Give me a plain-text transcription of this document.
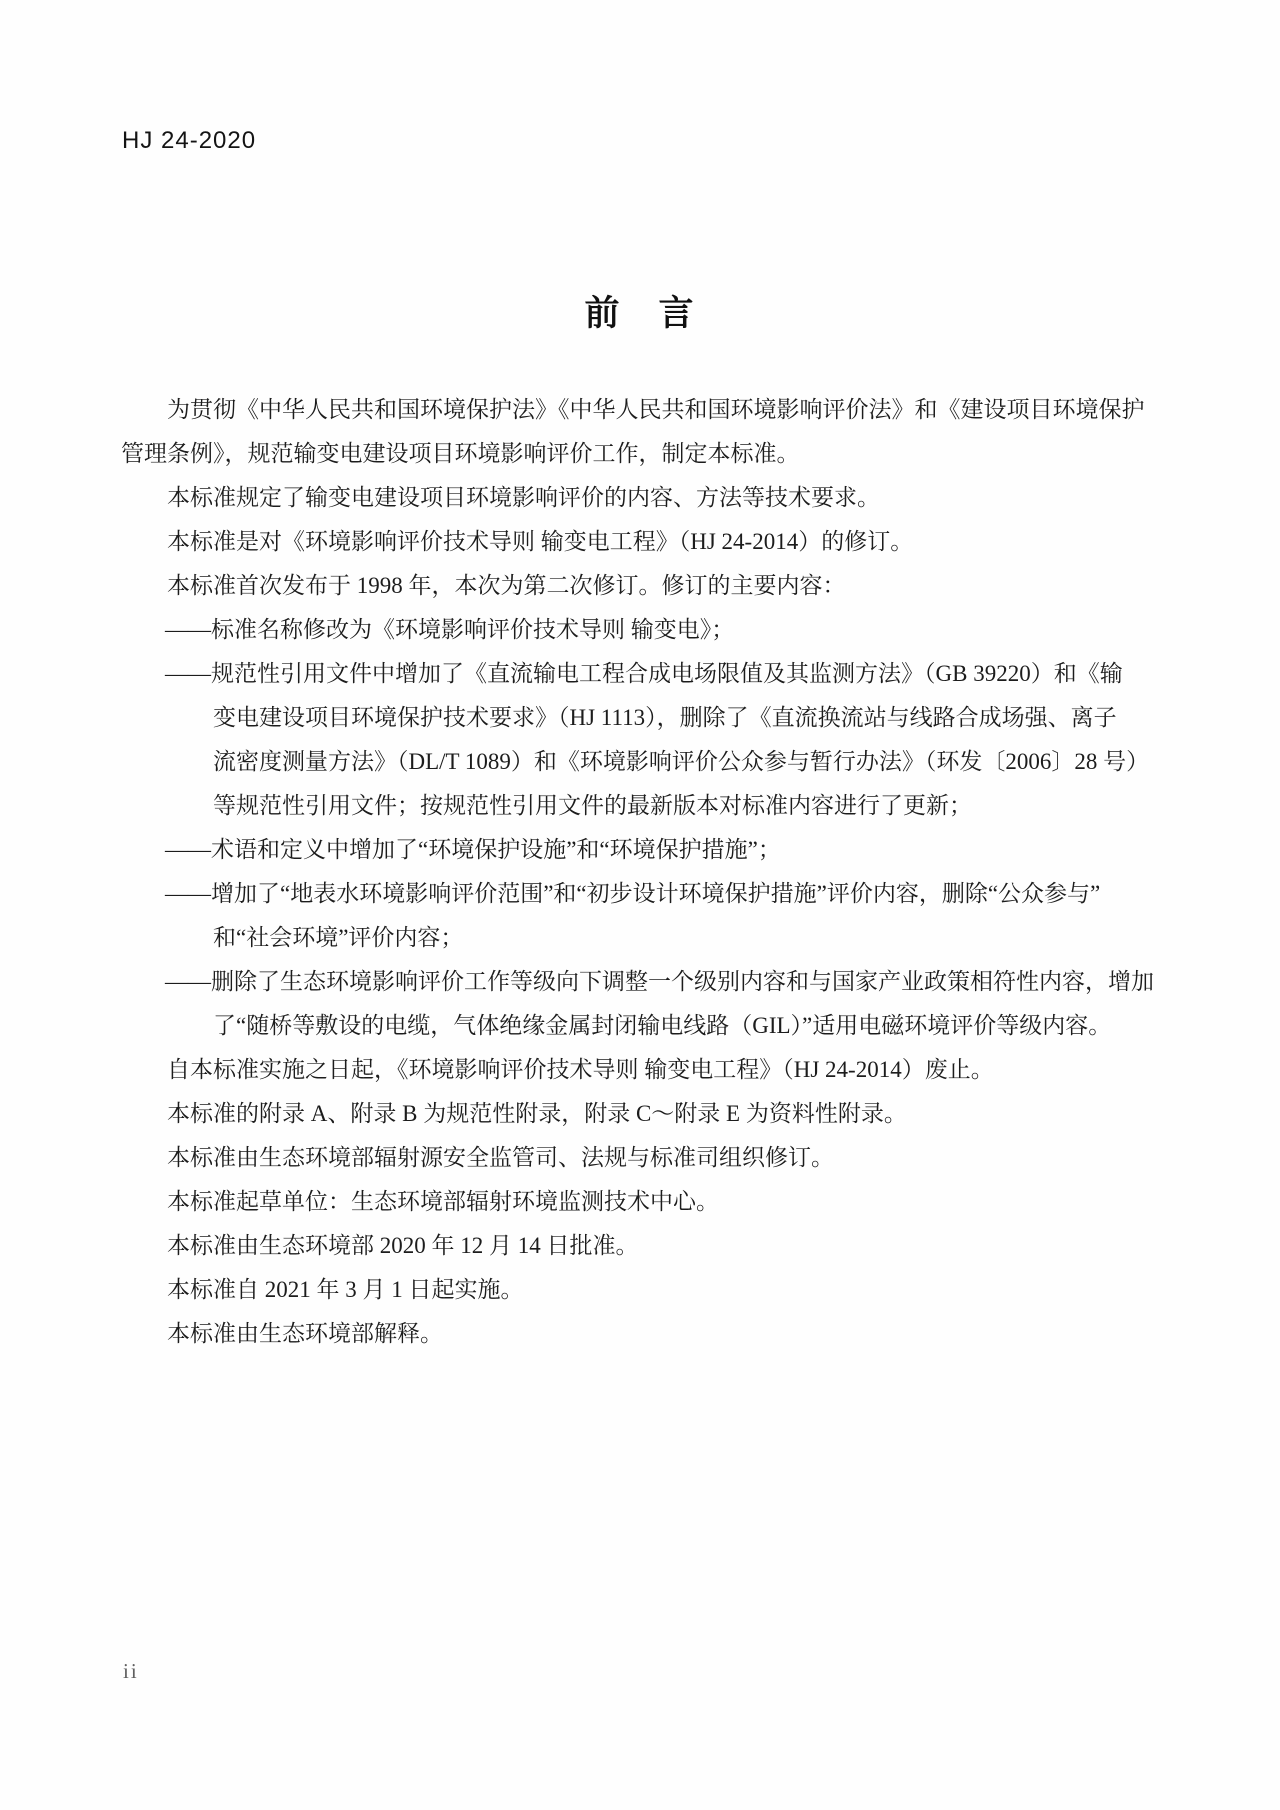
HJ 24-2020
前　言
为贯彻《中华人民共和国环境保护法》《中华人民共和国环境影响评价法》和《建设项目环境保护
管理条例》，规范输变电建设项目环境影响评价工作，制定本标准。
本标准规定了输变电建设项目环境影响评价的内容、方法等技术要求。
本标准是对《环境影响评价技术导则 输变电工程》（HJ 24-2014）的修订。
本标准首次发布于 1998 年，本次为第二次修订。修订的主要内容：
——标准名称修改为《环境影响评价技术导则 输变电》；
——规范性引用文件中增加了《直流输电工程合成电场限值及其监测方法》（GB 39220）和《输
变电建设项目环境保护技术要求》（HJ 1113），删除了《直流换流站与线路合成场强、离子
流密度测量方法》（DL/T 1089）和《环境影响评价公众参与暂行办法》（环发〔2006〕28 号）
等规范性引用文件；按规范性引用文件的最新版本对标准内容进行了更新；
——术语和定义中增加了“环境保护设施”和“环境保护措施”；
——增加了“地表水环境影响评价范围”和“初步设计环境保护措施”评价内容，删除“公众参与”
和“社会环境”评价内容；
——删除了生态环境影响评价工作等级向下调整一个级别内容和与国家产业政策相符性内容，增加
了“随桥等敷设的电缆，气体绝缘金属封闭输电线路（GIL）”适用电磁环境评价等级内容。
自本标准实施之日起，《环境影响评价技术导则 输变电工程》（HJ 24-2014）废止。
本标准的附录 A、附录 B 为规范性附录，附录 C～附录 E 为资料性附录。
本标准由生态环境部辐射源安全监管司、法规与标准司组织修订。
本标准起草单位：生态环境部辐射环境监测技术中心。
本标准由生态环境部 2020 年 12 月 14 日批准。
本标准自 2021 年 3 月 1 日起实施。
本标准由生态环境部解释。
ii
